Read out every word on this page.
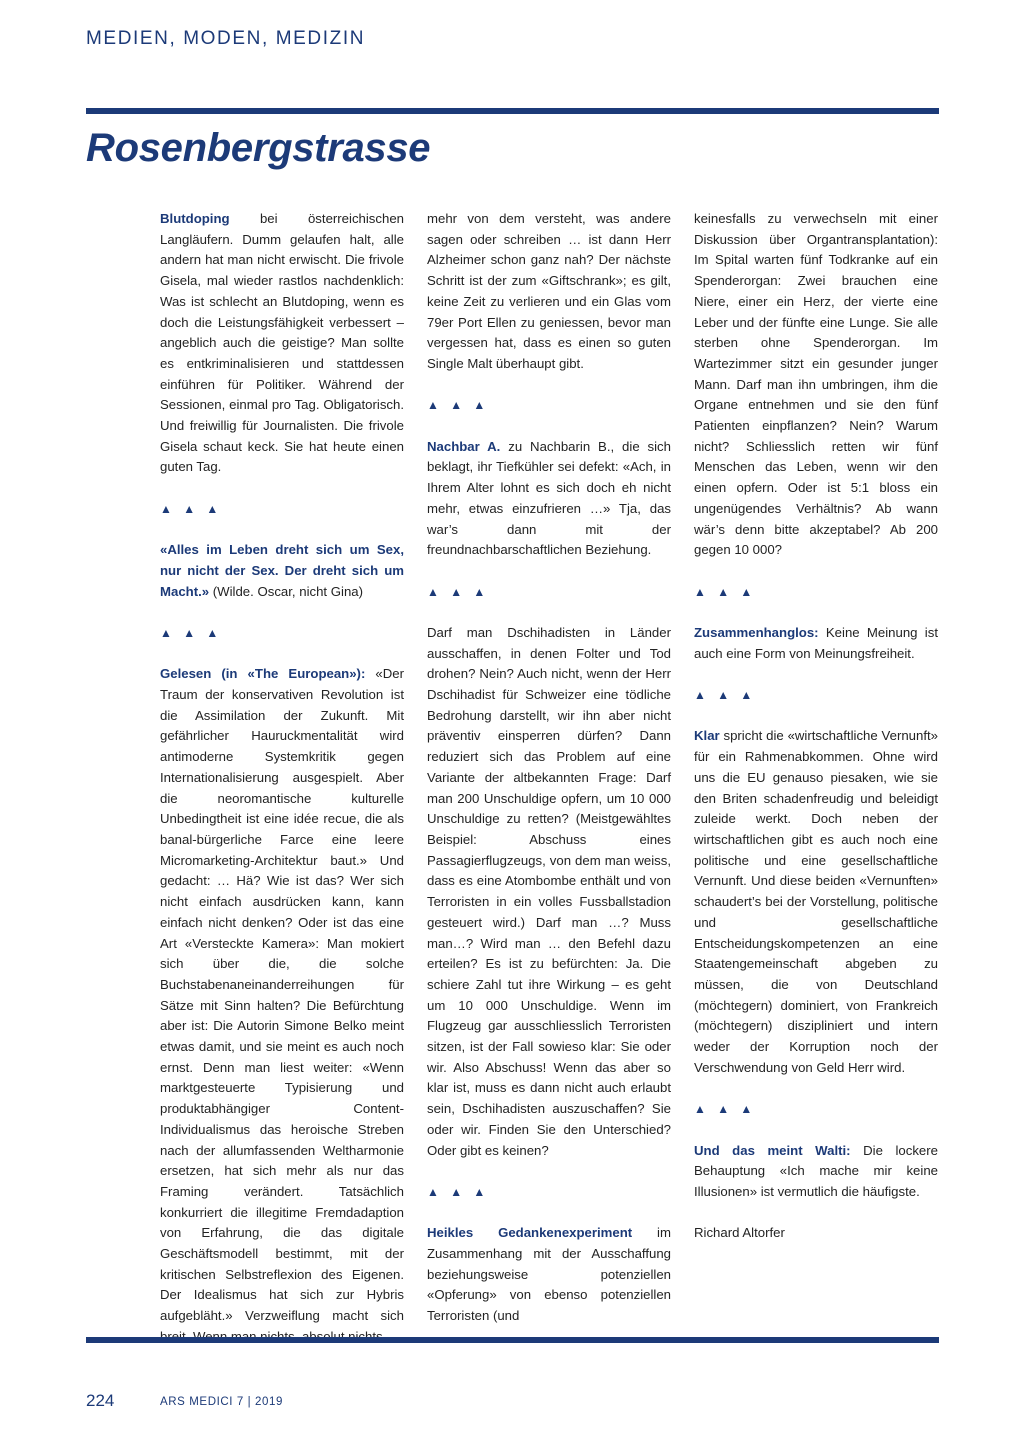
MEDIEN, MODEN, MEDIZIN
Rosenbergstrasse

Blutdoping bei österreichischen Langläufern. Dumm gelaufen halt, alle andern hat man nicht erwischt. Die frivole Gisela, mal wieder rastlos nachdenklich: Was ist schlecht an Blutdoping, wenn es doch die Leistungsfähigkeit verbessert – angeblich auch die geistige? Man sollte es entkriminalisieren und stattdessen einführen für Politiker. Während der Sessionen, einmal pro Tag. Obligatorisch. Und freiwillig für Journalisten. Die frivole Gisela schaut keck. Sie hat heute einen guten Tag.

▲ ▲ ▲

«Alles im Leben dreht sich um Sex, nur nicht der Sex. Der dreht sich um Macht.» (Wilde. Oscar, nicht Gina)

▲ ▲ ▲

Gelesen (in «The European»): «Der Traum der konservativen Revolution ist die Assimilation der Zukunft. Mit gefährlicher Hauruckmentalität wird antimoderne Systemkritik gegen Internationalisierung ausgespielt. Aber die neoromantische kulturelle Unbedingtheit ist eine idée recue, die als banal-bürgerliche Farce eine leere Micromarketing-Architektur baut.» Und gedacht: … Hä? Wie ist das? Wer sich nicht einfach ausdrücken kann, kann einfach nicht denken? Oder ist das eine Art «Versteckte Kamera»: Man mokiert sich über die, die solche Buchstabenaneinanderreihungen für Sätze mit Sinn halten? Die Befürchtung aber ist: Die Autorin Simone Belko meint etwas damit, und sie meint es auch noch ernst. Denn man liest weiter: «Wenn marktgesteuerte Typisierung und produktabhängiger Content-Individualismus das heroische Streben nach der allumfassenden Weltharmonie ersetzen, hat sich mehr als nur das Framing verändert. Tatsächlich konkurriert die illegitime Fremdadaption von Erfahrung, die das digitale Geschäftsmodell bestimmt, mit der kritischen Selbstreflexion des Eigenen. Der Idealismus hat sich zur Hybris aufgebläht.» Verzweiflung macht sich

mehr von dem versteht, was andere sagen oder schreiben … ist dann Herr Alzheimer schon ganz nah? Der nächste Schritt ist der zum «Giftschrank»; es gilt, keine Zeit zu verlieren und ein Glas vom 79er Port Ellen zu geniessen, bevor man vergessen hat, dass es einen so guten Single Malt überhaupt gibt.

▲ ▲ ▲

Nachbar A. zu Nachbarin B., die sich beklagt, ihr Tiefkühler sei defekt: «Ach, in Ihrem Alter lohnt es sich doch eh nicht mehr, etwas einzufrieren …» Tja, das war’s dann mit der freundnachbarschaftlichen Beziehung.

▲ ▲ ▲

Darf man Dschihadisten in Länder ausschaffen, in denen Folter und Tod drohen? Nein? Auch nicht, wenn der Herr Dschihadist für Schweizer eine tödliche Bedrohung darstellt, wir ihn aber nicht präventiv einsperren dürfen? Dann reduziert sich das Problem auf eine Variante der altbekannten Frage: Darf man 200 Unschuldige opfern, um 10 000 Unschuldige zu retten? (Meistgewähltes Beispiel: Abschuss eines Passagierflugzeugs, von dem man weiss, dass es eine Atombombe enthält und von Terroristen in ein volles Fussballstadion gesteuert wird.) Darf man …? Muss man…? Wird man … den Befehl dazu erteilen? Es ist zu befürchten: Ja. Die schiere Zahl tut ihre Wirkung – es geht um 10 000 Unschuldige. Wenn im Flugzeug gar ausschliesslich Terroristen sitzen, ist der Fall sowieso klar: Sie oder wir. Also Abschuss! Wenn das aber so klar ist, muss es dann nicht auch erlaubt sein, Dschihadisten auszuschaffen? Sie oder wir. Finden Sie den Unterschied? Oder gibt es keinen?

▲ ▲ ▲

Heikles Gedankenexperiment im Zusammenhang mit der Ausschaffung beziehungsweise potenziellen «Opferung» von ebenso potenziellen Terroristen (und

keinesfalls zu verwechseln mit einer Diskussion über Organtransplantation): Im Spital warten fünf Todkranke auf ein Spenderorgan: Zwei brauchen eine Niere, einer ein Herz, der vierte eine Leber und der fünfte eine Lunge. Sie alle sterben ohne Spenderorgan. Im Wartezimmer sitzt ein gesunder junger Mann. Darf man ihn umbringen, ihm die Organe entnehmen und sie den fünf Patienten einpflanzen? Nein? Warum nicht? Schliesslich retten wir fünf Menschen das Leben, wenn wir den einen opfern. Oder ist 5:1 bloss ein ungenügendes Verhältnis? Ab wann wär’s denn bitte akzeptabel? Ab 200 gegen 10 000?

▲ ▲ ▲

Zusammenhanglos: Keine Meinung ist auch eine Form von Meinungsfreiheit.

▲ ▲ ▲

Klar spricht die «wirtschaftliche Vernunft» für ein Rahmenabkommen. Ohne wird uns die EU genauso piesaken, wie sie den Briten schadenfreudig und beleidigt zuleide werkt. Doch neben der wirtschaftlichen gibt es auch noch eine politische und eine gesellschaftliche Vernunft. Und diese beiden «Vernunften» schaudert’s bei der Vorstellung, politische und gesellschaftliche Entscheidungskompetenzen an eine Staatengemeinschaft abgeben zu müssen, die von Deutschland (möchtegern) dominiert, von Frankreich (möchtegern) diszipliniert und intern weder der Korruption noch der Verschwendung von Geld Herr wird.

▲ ▲ ▲

Und das meint Walti: Die lockere Behauptung «Ich mache mir keine Illusionen» ist vermutlich die häufigste.

Richard Altorfer

224	ARS MEDICI 7 | 2019
